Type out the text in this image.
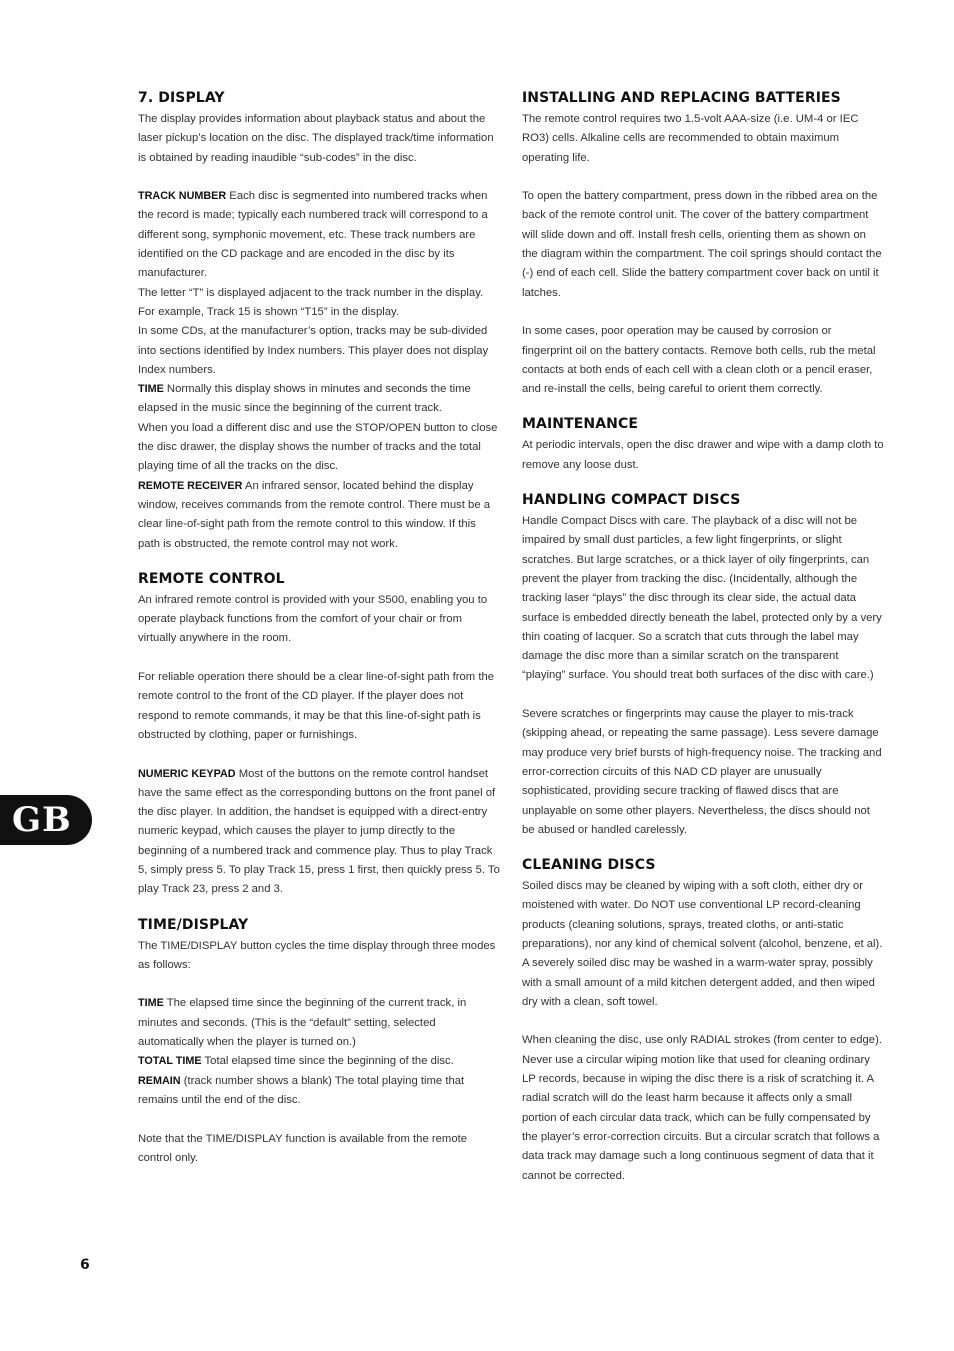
7. DISPLAY

The display provides information about playback status and about the laser pickup’s location on the disc. The displayed track/time information is obtained by reading inaudible “sub-codes” in the disc.

TRACK NUMBER Each disc is segmented into numbered tracks when the record is made; typically each numbered track will correspond to a different song, symphonic movement, etc. These track numbers are identified on the CD package and are encoded in the disc by its manufacturer.

The letter “T” is displayed adjacent to the track number in the display. For example, Track 15 is shown “T15” in the display.

In some CDs, at the manufacturer’s option, tracks may be sub-divided into sections identified by Index numbers. This player does not display Index numbers.

TIME Normally this display shows in minutes and seconds the time elapsed in the music since the beginning of the current track.

When you load a different disc and use the STOP/OPEN button to close the disc drawer, the display shows the number of tracks and the total playing time of all the tracks on the disc.

REMOTE RECEIVER An infrared sensor, located behind the display window, receives commands from the remote control. There must be a clear line-of-sight path from the remote control to this window. If this path is obstructed, the remote control may not work.

REMOTE CONTROL

An infrared remote control is provided with your S500, enabling you to operate playback functions from the comfort of your chair or from virtually anywhere in the room.

For reliable operation there should be a clear line-of-sight path from the remote control to the front of the CD player. If the player does not respond to remote commands, it may be that this line-of-sight path is obstructed by clothing, paper or furnishings.

NUMERIC KEYPAD Most of the buttons on the remote control handset have the same effect as the corresponding buttons on the front panel of the disc player. In addition, the handset is equipped with a direct-entry numeric keypad, which causes the player to jump directly to the beginning of a numbered track and commence play. Thus to play Track 5, simply press 5. To play Track 15, press 1 first, then quickly press 5. To play Track 23, press 2 and 3.

TIME/DISPLAY

The TIME/DISPLAY button cycles the time display through three modes as follows:

TIME The elapsed time since the beginning of the current track, in minutes and seconds. (This is the “default” setting, selected automatically when the player is turned on.)

TOTAL TIME Total elapsed time since the beginning of the disc.

REMAIN (track number shows a blank) The total playing time that remains until the end of the disc.

Note that the TIME/DISPLAY function is available from the remote control only.

INSTALLING AND REPLACING BATTERIES

The remote control requires two 1.5-volt AAA-size (i.e. UM-4 or IEC RO3) cells. Alkaline cells are recommended to obtain maximum operating life.

To open the battery compartment, press down in the ribbed area on the back of the remote control unit. The cover of the battery compartment will slide down and off. Install fresh cells, orienting them as shown on the diagram within the compartment. The coil springs should contact the (-) end of each cell. Slide the battery compartment cover back on until it latches.

In some cases, poor operation may be caused by corrosion or fingerprint oil on the battery contacts. Remove both cells, rub the metal contacts at both ends of each cell with a clean cloth or a pencil eraser, and re-install the cells, being careful to orient them correctly.

MAINTENANCE

At periodic intervals, open the disc drawer and wipe with a damp cloth to remove any loose dust.

HANDLING COMPACT DISCS

Handle Compact Discs with care. The playback of a disc will not be impaired by small dust particles, a few light fingerprints, or slight scratches. But large scratches, or a thick layer of oily fingerprints, can prevent the player from tracking the disc. (Incidentally, although the tracking laser “plays” the disc through its clear side, the actual data surface is embedded directly beneath the label, protected only by a very thin coating of lacquer. So a scratch that cuts through the label may damage the disc more than a similar scratch on the transparent “playing” surface. You should treat both surfaces of the disc with care.)

Severe scratches or fingerprints may cause the player to mis-track (skipping ahead, or repeating the same passage). Less severe damage may produce very brief bursts of high-frequency noise. The tracking and error-correction circuits of this NAD CD player are unusually sophisticated, providing secure tracking of flawed discs that are unplayable on some other players. Nevertheless, the discs should not be abused or handled carelessly.

CLEANING DISCS

Soiled discs may be cleaned by wiping with a soft cloth, either dry or moistened with water. Do NOT use conventional LP record-cleaning products (cleaning solutions, sprays, treated cloths, or anti-static preparations), nor any kind of chemical solvent (alcohol, benzene, et al). A severely soiled disc may be washed in a warm-water spray, possibly with a small amount of a mild kitchen detergent added, and then wiped dry with a clean, soft towel.

When cleaning the disc, use only RADIAL strokes (from center to edge). Never use a circular wiping motion like that used for cleaning ordinary LP records, because in wiping the disc there is a risk of scratching it. A radial scratch will do the least harm because it affects only a small portion of each circular data track, which can be fully compensated by the player’s error-correction circuits. But a circular scratch that follows a data track may damage such a long continuous segment of data that it cannot be corrected.

GB
6
